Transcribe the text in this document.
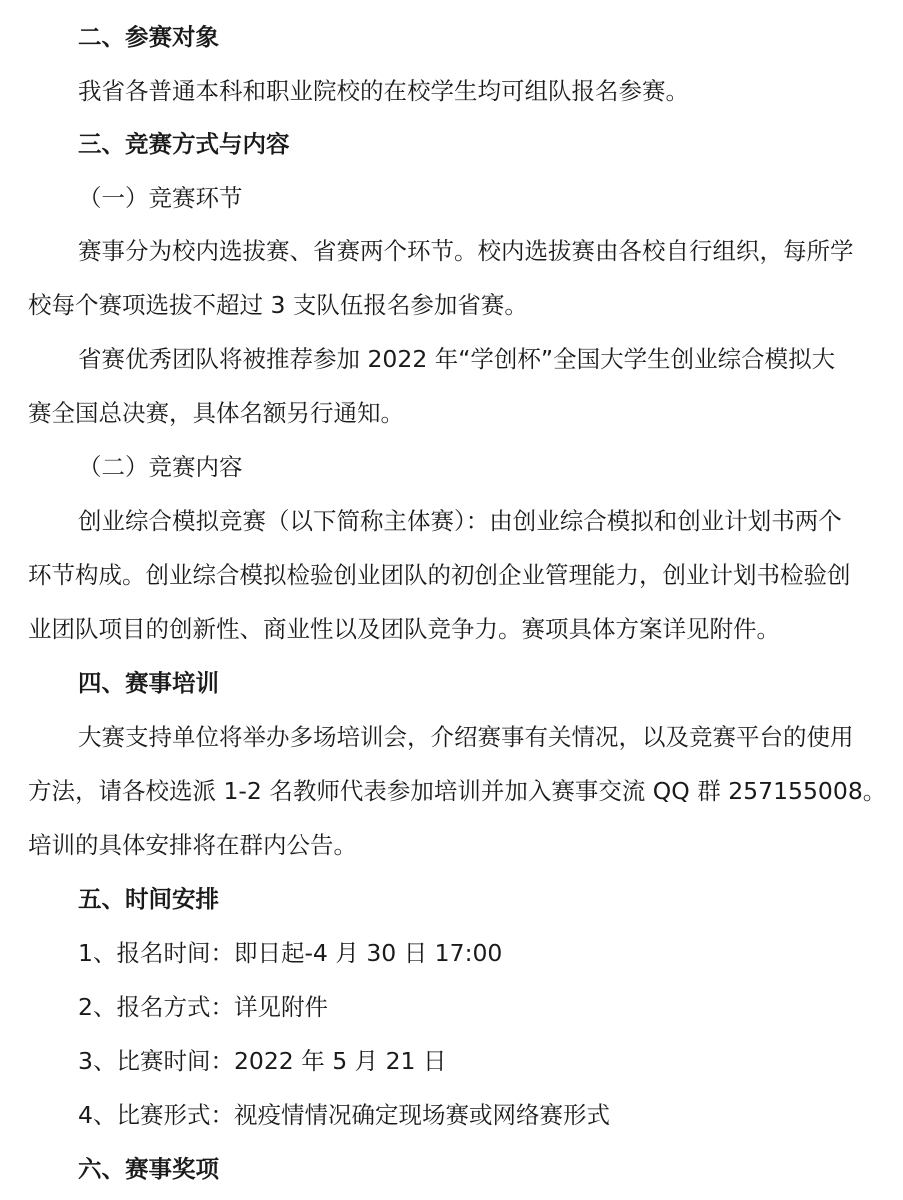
二、参赛对象
我省各普通本科和职业院校的在校学生均可组队报名参赛。
三、竞赛方式与内容
（一）竞赛环节
赛事分为校内选拔赛、省赛两个环节。校内选拔赛由各校自行组织，每所学
校每个赛项选拔不超过 3 支队伍报名参加省赛。
省赛优秀团队将被推荐参加 2022 年“学创杯”全国大学生创业综合模拟大
赛全国总决赛，具体名额另行通知。
（二）竞赛内容
创业综合模拟竞赛（以下简称主体赛）：由创业综合模拟和创业计划书两个
环节构成。创业综合模拟检验创业团队的初创企业管理能力，创业计划书检验创
业团队项目的创新性、商业性以及团队竞争力。赛项具体方案详见附件。
四、赛事培训
大赛支持单位将举办多场培训会，介绍赛事有关情况，以及竞赛平台的使用
方法，请各校选派 1-2 名教师代表参加培训并加入赛事交流 QQ 群 257155008。
培训的具体安排将在群内公告。
五、时间安排
1、报名时间：即日起-4 月 30 日 17:00
2、报名方式：详见附件
3、比赛时间：2022 年 5 月 21 日
4、比赛形式：视疫情情况确定现场赛或网络赛形式
六、赛事奖项
